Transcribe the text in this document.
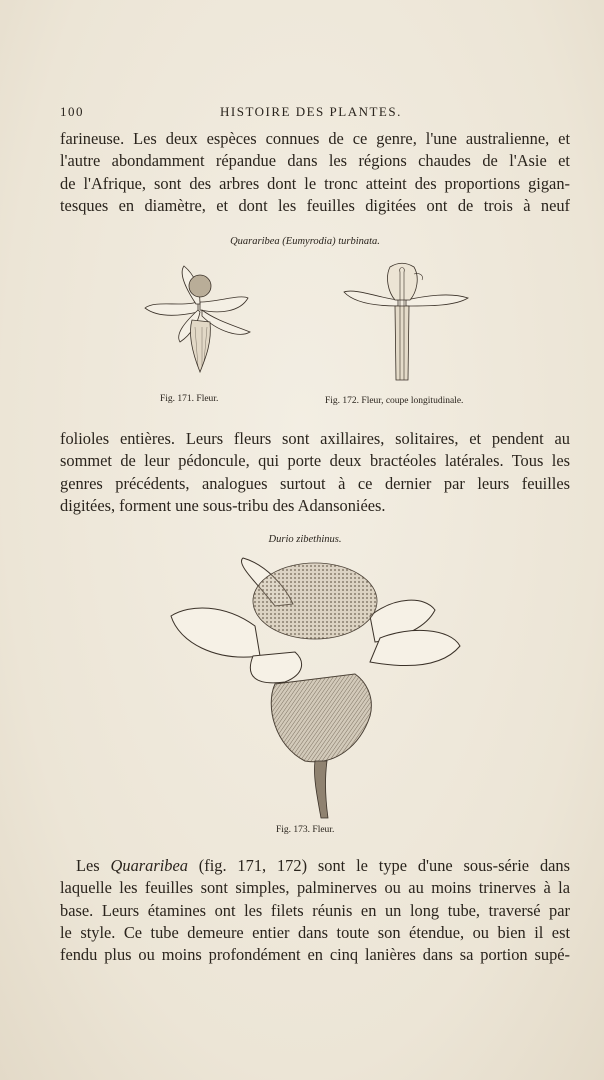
100	HISTOIRE DES PLANTES.
farineuse. Les deux espèces connues de ce genre, l'une australienne, et
l'autre abondamment répandue dans les régions chaudes de l'Asie et
de l'Afrique, sont des arbres dont le tronc atteint des proportions gigan-
tesques en diamètre, et dont les feuilles digitées ont de trois à neuf
Quararibea (Eumyrodia) turbinata.
Fig. 171. Fleur.	Fig. 172. Fleur, coupe longitudinale.
folioles entières. Leurs fleurs sont axillaires, solitaires, et pendent au
sommet de leur pédoncule, qui porte deux bractéoles latérales. Tous les
genres précédents, analogues surtout à ce dernier par leurs feuilles
digitées, forment une sous-tribu des Adansoniées.
Durio zibethinus.
Fig. 173. Fleur.
Les Quararibea (fig. 171, 172) sont le type d'une sous-série dans
laquelle les feuilles sont simples, palminerves ou au moins trinerves à la
base. Leurs étamines ont les filets réunis en un long tube, traversé par
le style. Ce tube demeure entier dans toute son étendue, ou bien il est
fendu plus ou moins profondément en cinq lanières dans sa portion supé-
